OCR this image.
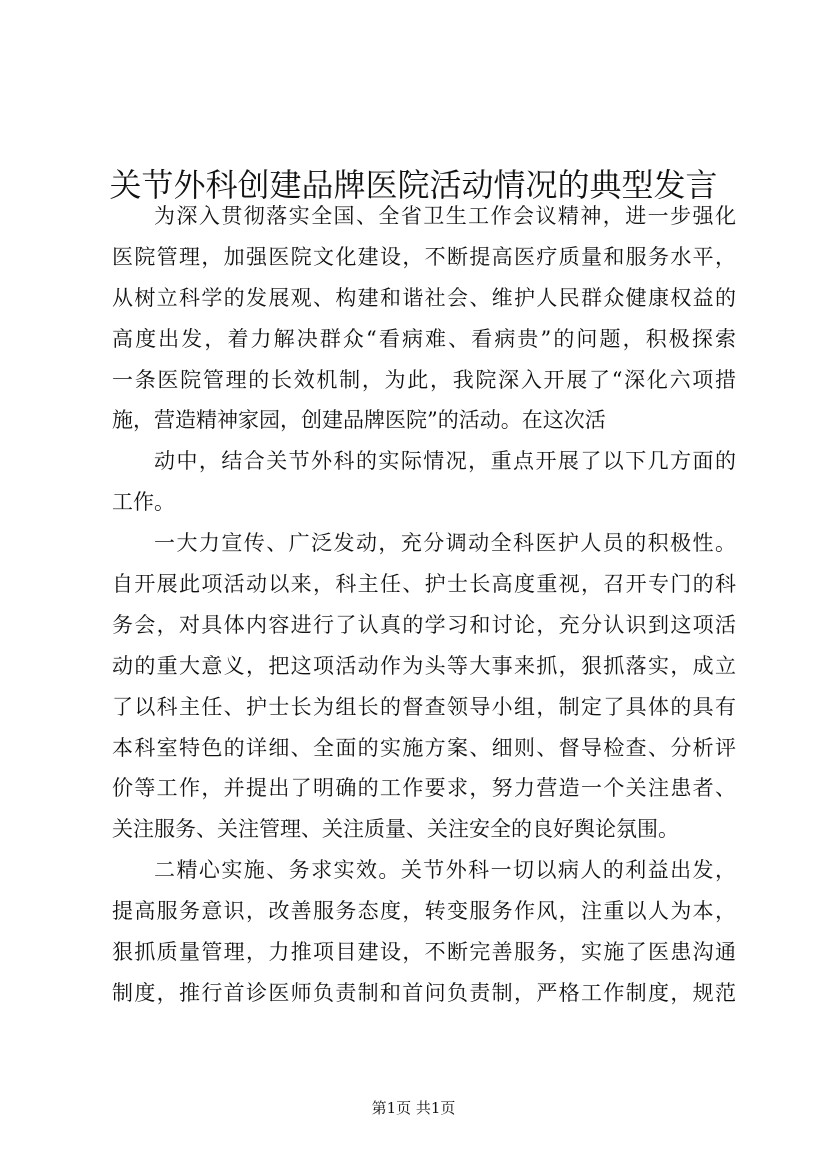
关节外科创建品牌医院活动情况的典型发言
为深入贯彻落实全国、全省卫生工作会议精神，进一步强化
医院管理，加强医院文化建设，不断提高医疗质量和服务水平，
从树立科学的发展观、构建和谐社会、维护人民群众健康权益的
高度出发，着力解决群众“看病难、看病贵”的问题，积极探索
一条医院管理的长效机制，为此，我院深入开展了“深化六项措
施，营造精神家园，创建品牌医院”的活动。在这次活
动中，结合关节外科的实际情况，重点开展了以下几方面的
工作。
一大力宣传、广泛发动，充分调动全科医护人员的积极性。
自开展此项活动以来，科主任、护士长高度重视，召开专门的科
务会，对具体内容进行了认真的学习和讨论，充分认识到这项活
动的重大意义，把这项活动作为头等大事来抓，狠抓落实，成立
了以科主任、护士长为组长的督查领导小组，制定了具体的具有
本科室特色的详细、全面的实施方案、细则、督导检查、分析评
价等工作，并提出了明确的工作要求，努力营造一个关注患者、
关注服务、关注管理、关注质量、关注安全的良好舆论氛围。
二精心实施、务求实效。关节外科一切以病人的利益出发，
提高服务意识，改善服务态度，转变服务作风，注重以人为本，
狠抓质量管理，力推项目建设，不断完善服务，实施了医患沟通
制度，推行首诊医师负责制和首问负责制，严格工作制度，规范
第1页 共1页
